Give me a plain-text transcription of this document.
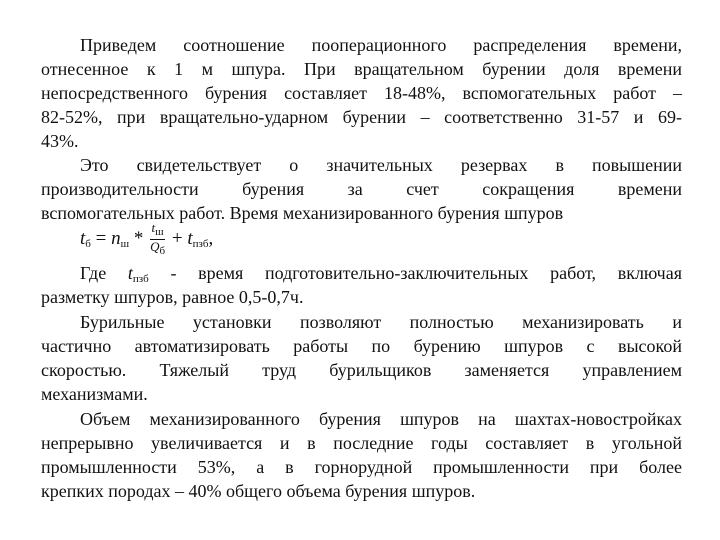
Приведем соотношение пооперационного распределения времени,
отнесенное к 1 м шпура. При вращательном бурении доля времени
непосредственного бурения составляет 18-48%, вспомогательных работ –
82-52%, при вращательно-ударном бурении – соответственно 31-57 и 69-
43%.
Это свидетельствует о значительных резервах в повышении
производительности бурения за счет сокращения времени
вспомогательных работ. Время механизированного бурения шпуров
tб = nш * $\frac{t_ш}{Q_б}$ + tпзб,
Где tпзб - время подготовительно-заключительных работ, включая
разметку шпуров, равное 0,5-0,7ч.
Бурильные установки позволяют полностью механизировать и
частично автоматизировать работы по бурению шпуров с высокой
скоростью. Тяжелый труд бурильщиков заменяется управлением
механизмами.
Объем механизированного бурения шпуров на шахтах-новостройках
непрерывно увеличивается и в последние годы составляет в угольной
промышленности 53%, а в горнорудной промышленности при более
крепких породах – 40% общего объема бурения шпуров.
